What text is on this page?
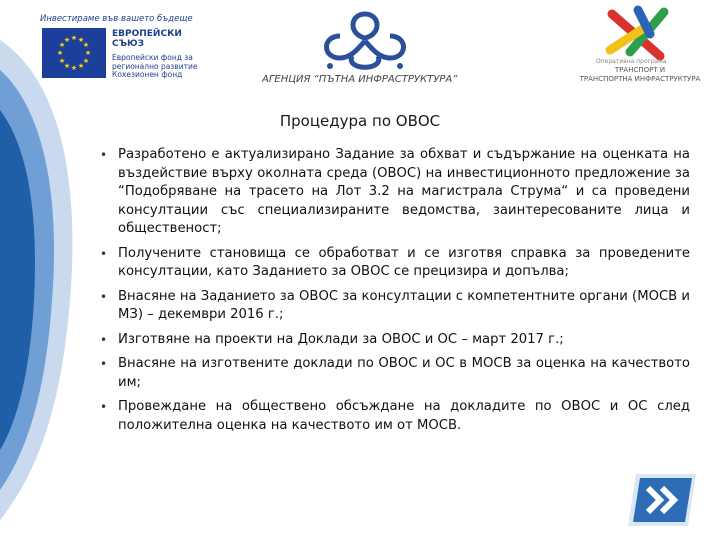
Инвестираме във вашето бъдеще
★ ★
★
★
★
★
★
★
★
★
★
★
ЕВРОПЕЙСКИ
СЪЮЗ
Европейски фонд за
регионално развитие
Кохезионен фонд	АГЕНЦИЯ “ПЪТНА ИНФРАСТРУКТУРА”
Оперативна програма
ТРАНСПОРТ И
ТРАНСПОРТНА ИНФРАСТРУКТУРА
Процедура по ОВОС
• Разработено е актуализирано Задание за обхват и съдържание на оценката на въздействие върху околната среда (ОВОС) на инвестиционното предложение за “Подобряване на трасето на Лот 3.2 на магистрала Струма“ и са проведени консултации със специализираните ведомства, заинтересованите лица и общественост;
• Получените становища се обработват и се изготвя справка за проведените консултации, като Заданието за ОВОС се прецизира и допълва;
• Внасяне на Заданието за ОВОС за консултации с компетентните органи (МОСВ и МЗ) – декември 2016 г.;
• Изготвяне на проекти на Доклади за ОВОС и ОС – март 2017 г.;
• Внасяне на изготвените доклади по ОВОС и ОС в МОСВ за оценка на качеството им;
• Провеждане на обществено обсъждане на докладите по ОВОС и ОС след положителна оценка на качеството им от МОСВ.
